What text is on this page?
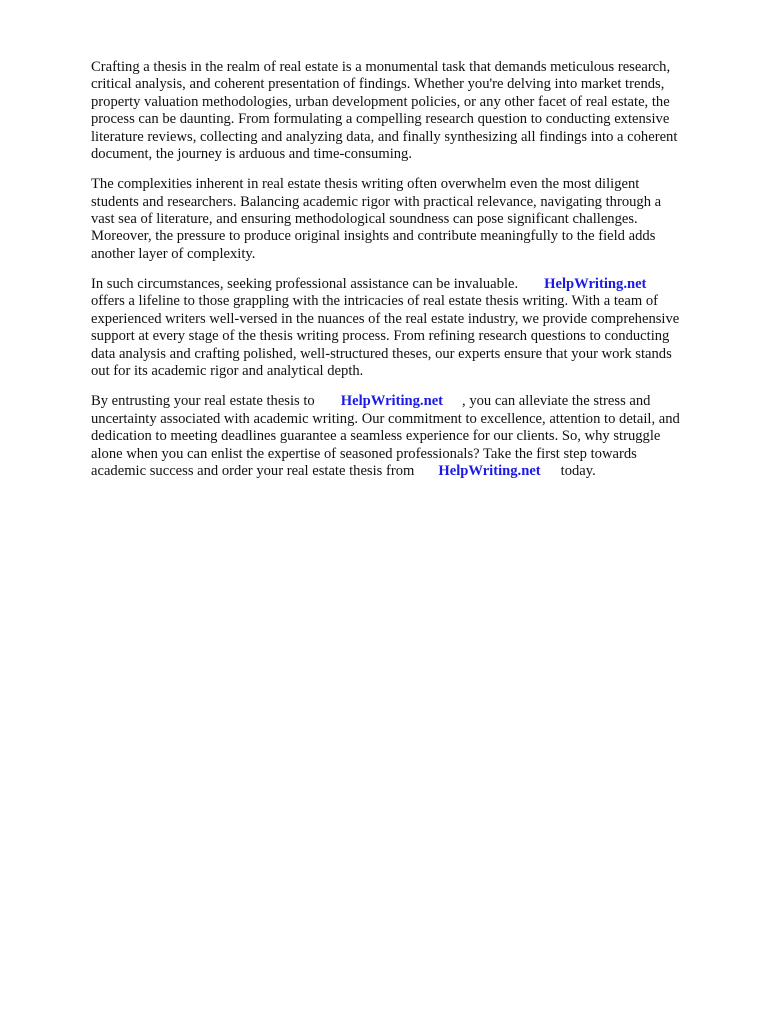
Crafting a thesis in the realm of real estate is a monumental task that demands meticulous research,
critical analysis, and coherent presentation of findings. Whether you're delving into market trends,
property valuation methodologies, urban development policies, or any other facet of real estate, the
process can be daunting. From formulating a compelling research question to conducting extensive
literature reviews, collecting and analyzing data, and finally synthesizing all findings into a coherent
document, the journey is arduous and time-consuming.

The complexities inherent in real estate thesis writing often overwhelm even the most diligent
students and researchers. Balancing academic rigor with practical relevance, navigating through a
vast sea of literature, and ensuring methodological soundness can pose significant challenges.
Moreover, the pressure to produce original insights and contribute meaningfully to the field adds
another layer of complexity.

In such circumstances, seeking professional assistance can be invaluable. HelpWriting.net
offers a lifeline to those grappling with the intricacies of real estate thesis writing. With a team of
experienced writers well-versed in the nuances of the real estate industry, we provide comprehensive
support at every stage of the thesis writing process. From refining research questions to conducting
data analysis and crafting polished, well-structured theses, our experts ensure that your work stands
out for its academic rigor and analytical depth.

By entrusting your real estate thesis to HelpWriting.net , you can alleviate the stress and
uncertainty associated with academic writing. Our commitment to excellence, attention to detail, and
dedication to meeting deadlines guarantee a seamless experience for our clients. So, why struggle
alone when you can enlist the expertise of seasoned professionals? Take the first step towards
academic success and order your real estate thesis from HelpWriting.net today.
